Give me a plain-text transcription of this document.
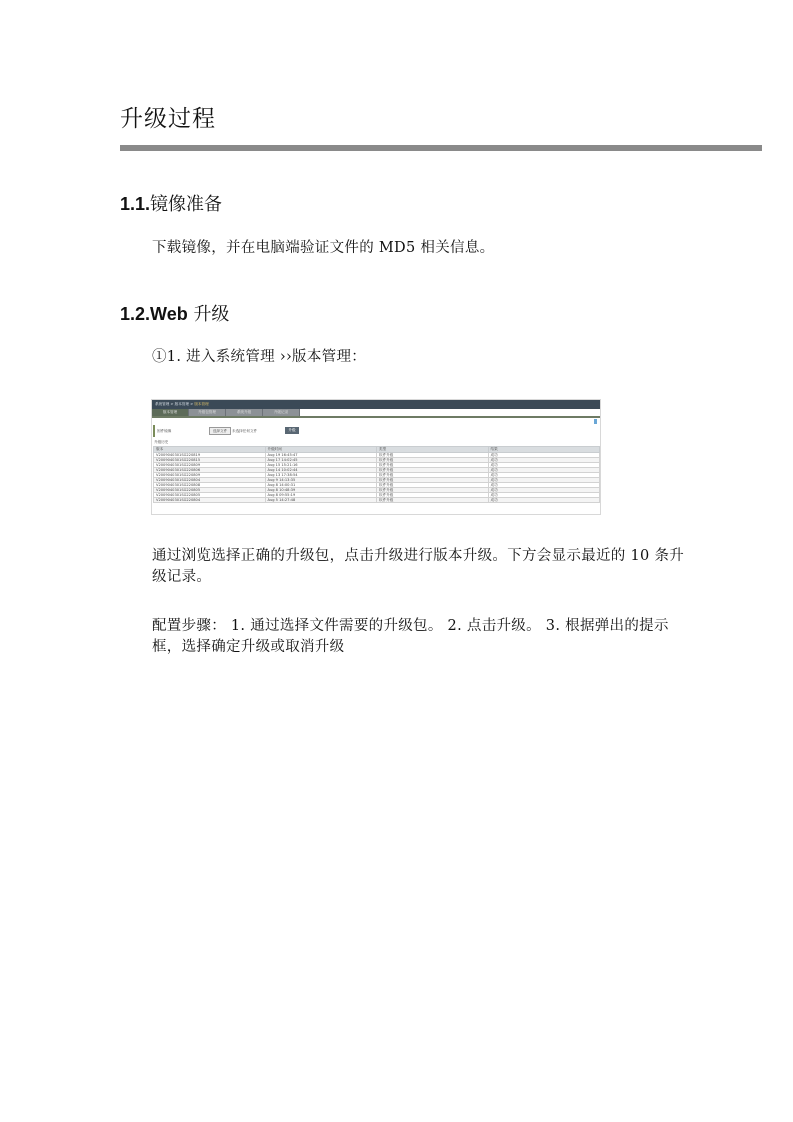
升级过程
1.1.镜像准备

下载镜像，并在电脑端验证文件的 MD5 相关信息。

1.2.Web 升级

①1. 进入系统管理 ››版本管理：

系统管理 > 版本管理 > 版本管理
版本管理	升级包管理	系统升级	升级记录
固件镜像	选择文件	未选择任何文件	升级
升级历史
版本	升级时间	类型	结果
V2009040301SG220819	Aug 19 16:45:47	软件升级	成功
V2009040301SG220815	Aug 17 14:02:45	软件升级	成功
V2009040301SG220809	Aug 15 15:21:16	软件升级	成功
V2009040301SG220806	Aug 14 10:02:44	软件升级	成功
V2009040301SG220809	Aug 13 17:38:54	软件升级	成功
V2009040301SG220804	Aug 9 14:13:35	软件升级	成功
V2009040301SG220808	Aug 8 14:00:31	软件升级	成功
V2009040301SG220805	Aug 8 10:48:39	软件升级	成功
V2009040301SG220805	Aug 8 09:55:19	软件升级	成功
V2009040301SG220804	Aug 5 14:27:48	软件升级	成功

通过浏览选择正确的升级包，点击升级进行版本升级。下方会显示最近的 10 条升级记录。

配置步骤： 1. 通过选择文件需要的升级包。 2. 点击升级。 3. 根据弹出的提示框，选择确定升级或取消升级
